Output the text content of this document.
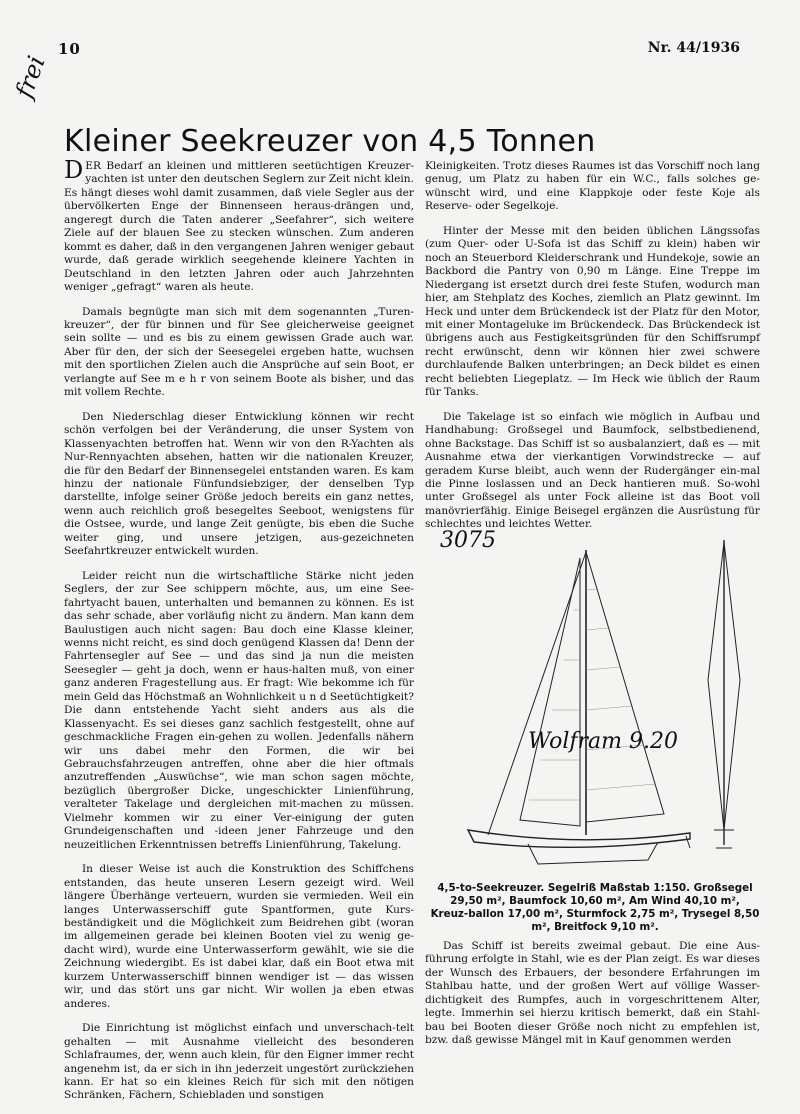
10	Nr. 44/1936
frei
Kleiner Seekreuzer von 4,5 Tonnen

DER Bedarf an kleinen und mittleren seetüchtigen Kreuzer-yachten ist unter den deutschen Seglern zur Zeit nicht klein. Es hängt dieses wohl damit zusammen, daß viele Segler aus der übervölkerten Enge der Binnenseen heraus-drängen und, angeregt durch die Taten anderer „Seefahrer“, sich weitere Ziele auf der blauen See zu stecken wünschen. Zum anderen kommt es daher, daß in den vergangenen Jahren weniger gebaut wurde, daß gerade wirklich seegehende kleinere Yachten in Deutschland in den letzten Jahren oder auch Jahrzehnten weniger „gefragt“ waren als heute.

Damals begnügte man sich mit dem sogenannten „Turen-kreuzer“, der für binnen und für See gleicherweise geeignet sein sollte — und es bis zu einem gewissen Grade auch war. Aber für den, der sich der Seesegelei ergeben hatte, wuchsen mit den sportlichen Zielen auch die Ansprüche auf sein Boot, er verlangte auf See m e h r von seinem Boote als bisher, und das mit vollem Rechte.

Den Niederschlag dieser Entwicklung können wir recht schön verfolgen bei der Veränderung, die unser System von Klassenyachten betroffen hat. Wenn wir von den R-Yachten als Nur-Rennyachten absehen, hatten wir die nationalen Kreuzer, die für den Bedarf der Binnensegelei entstanden waren. Es kam hinzu der nationale Fünfundsiebziger, der denselben Typ darstellte, infolge seiner Größe jedoch bereits ein ganz nettes, wenn auch reichlich groß besegeltes Seeboot, wenigstens für die Ostsee, wurde, und lange Zeit genügte, bis eben die Suche weiter ging, und unsere jetzigen, aus-gezeichneten Seefahrtkreuzer entwickelt wurden.

Leider reicht nun die wirtschaftliche Stärke nicht jeden Seglers, der zur See schippern möchte, aus, um eine See-fahrtyacht bauen, unterhalten und bemannen zu können. Es ist das sehr schade, aber vorläufig nicht zu ändern. Man kann dem Baulustigen auch nicht sagen: Bau doch eine Klasse kleiner, wenns nicht reicht, es sind doch genügend Klassen da! Denn der Fahrtensegler auf See — und das sind ja nun die meisten Seesegler — geht ja doch, wenn er haus-halten muß, von einer ganz anderen Fragestellung aus. Er fragt: Wie bekomme ich für mein Geld das Höchstmaß an Wohnlichkeit u n d Seetüchtigkeit? Die dann entstehende Yacht sieht anders aus als die Klassenyacht. Es sei dieses ganz sachlich festgestellt, ohne auf geschmackliche Fragen ein-gehen zu wollen. Jedenfalls nähern wir uns dabei mehr den Formen, die wir bei Gebrauchsfahrzeugen antreffen, ohne aber die hier oftmals anzutreffenden „Auswüchse“, wie man schon sagen möchte, bezüglich übergroßer Dicke, ungeschickter Linienführung, veralteter Takelage und dergleichen mit-machen zu müssen. Vielmehr kommen wir zu einer Ver-einigung der guten Grundeigenschaften und -ideen jener Fahrzeuge und den neuzeitlichen Erkenntnissen betreffs Linienführung, Takelung.

In dieser Weise ist auch die Konstruktion des Schiffchens entstanden, das heute unseren Lesern gezeigt wird. Weil längere Überhänge verteuern, wurden sie vermieden. Weil ein langes Unterwasserschiff gute Spantformen, gute Kurs-beständigkeit und die Möglichkeit zum Beidrehen gibt (woran im allgemeinen gerade bei kleinen Booten viel zu wenig ge-dacht wird), wurde eine Unterwasserform gewählt, wie sie die Zeichnung wiedergibt. Es ist dabei klar, daß ein Boot etwa mit kurzem Unterwasserschiff binnen wendiger ist — das wissen wir, und das stört uns gar nicht. Wir wollen ja eben etwas anderes.

Die Einrichtung ist möglichst einfach und unverschach-telt gehalten — mit Ausnahme vielleicht des besonderen Schlafraumes, der, wenn auch klein, für den Eigner immer recht angenehm ist, da er sich in ihn jederzeit ungestört zurückziehen kann. Er hat so ein kleines Reich für sich mit den nötigen Schränken, Fächern, Schiebladen und sonstigen

Kleinigkeiten. Trotz dieses Raumes ist das Vorschiff noch lang genug, um Platz zu haben für ein W.C., falls solches ge-wünscht wird, und eine Klappkoje oder feste Koje als Reserve- oder Segelkoje.

Hinter der Messe mit den beiden üblichen Längssofas (zum Quer- oder U-Sofa ist das Schiff zu klein) haben wir noch an Steuerbord Kleiderschrank und Hundekoje, sowie an Backbord die Pantry von 0,90 m Länge. Eine Treppe im Niedergang ist ersetzt durch drei feste Stufen, wodurch man hier, am Stehplatz des Koches, ziemlich an Platz gewinnt. Im Heck und unter dem Brückendeck ist der Platz für den Motor, mit einer Montageluke im Brückendeck. Das Brückendeck ist übrigens auch aus Festigkeitsgründen für den Schiffsrumpf recht erwünscht, denn wir können hier zwei schwere durchlaufende Balken unterbringen; an Deck bildet es einen recht beliebten Liegeplatz. — Im Heck wie üblich der Raum für Tanks.

Die Takelage ist so einfach wie möglich in Aufbau und Handhabung: Großsegel und Baumfock, selbstbedienend, ohne Backstage. Das Schiff ist so ausbalanziert, daß es — mit Ausnahme etwa der vierkantigen Vorwindstrecke — auf geradem Kurse bleibt, auch wenn der Rudergänger ein-mal die Pinne loslassen und an Deck hantieren muß. So-wohl unter Großsegel als unter Fock alleine ist das Boot voll manövrierfähig. Einige Beisegel ergänzen die Ausrüstung für schlechtes und leichtes Wetter.

3075
Wolfram 9.20
4,5-to-Seekreuzer. Segelriß Maßstab 1:150. Großsegel 29,50 m², Baumfock 10,60 m², Am Wind 40,10 m², Kreuz-ballon 17,00 m², Sturmfock 2,75 m², Trysegel 8,50 m², Breitfock 9,10 m².

Das Schiff ist bereits zweimal gebaut. Die eine Aus-führung erfolgte in Stahl, wie es der Plan zeigt. Es war dieses der Wunsch des Erbauers, der besondere Erfahrungen im Stahlbau hatte, und der großen Wert auf völlige Wasser-dichtigkeit des Rumpfes, auch in vorgeschrittenem Alter, legte. Immerhin sei hierzu kritisch bemerkt, daß ein Stahl-bau bei Booten dieser Größe noch nicht zu empfehlen ist, bzw. daß gewisse Mängel mit in Kauf genommen werden
